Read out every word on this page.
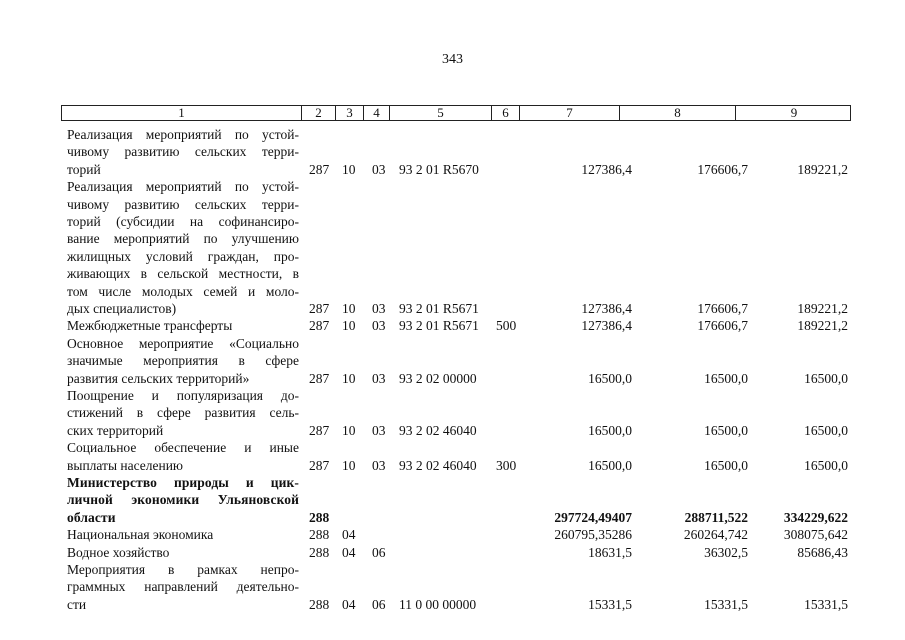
343
1	2	3	4	5	6	7	8	9
Реализация мероприятий по устой-
чивому развитию сельских терри-
торий	287 10 03 93 2 01 R5670	127386,4	176606,7	189221,2
Реализация мероприятий по устой-
чивому развитию сельских терри-
торий (субсидии на софинансиро-
вание мероприятий по улучшению
жилищных условий граждан, про-
живающих в сельской местности, в
том числе молодых семей и моло-
дых специалистов)	287 10 03 93 2 01 R5671	127386,4	176606,7	189221,2
Межбюджетные трансферты	287 10 03 93 2 01 R5671 500	127386,4	176606,7	189221,2
Основное мероприятие «Социально
значимые мероприятия в сфере
развития сельских территорий»	287 10 03 93 2 02 00000	16500,0	16500,0	16500,0
Поощрение и популяризация до-
стижений в сфере развития сель-
ских территорий	287 10 03 93 2 02 46040	16500,0	16500,0	16500,0
Социальное обеспечение и иные
выплаты населению	287 10 03 93 2 02 46040 300	16500,0	16500,0	16500,0
Министерство природы и цик-
личной экономики Ульяновской
области	288	297724,49407	288711,522	334229,622
Национальная экономика	288 04	260795,35286	260264,742	308075,642
Водное хозяйство	288 04 06	18631,5	36302,5	85686,43
Мероприятия в рамках непро-
граммных направлений деятельно-
сти	288 04 06 11 0 00 00000	15331,5	15331,5	15331,5
